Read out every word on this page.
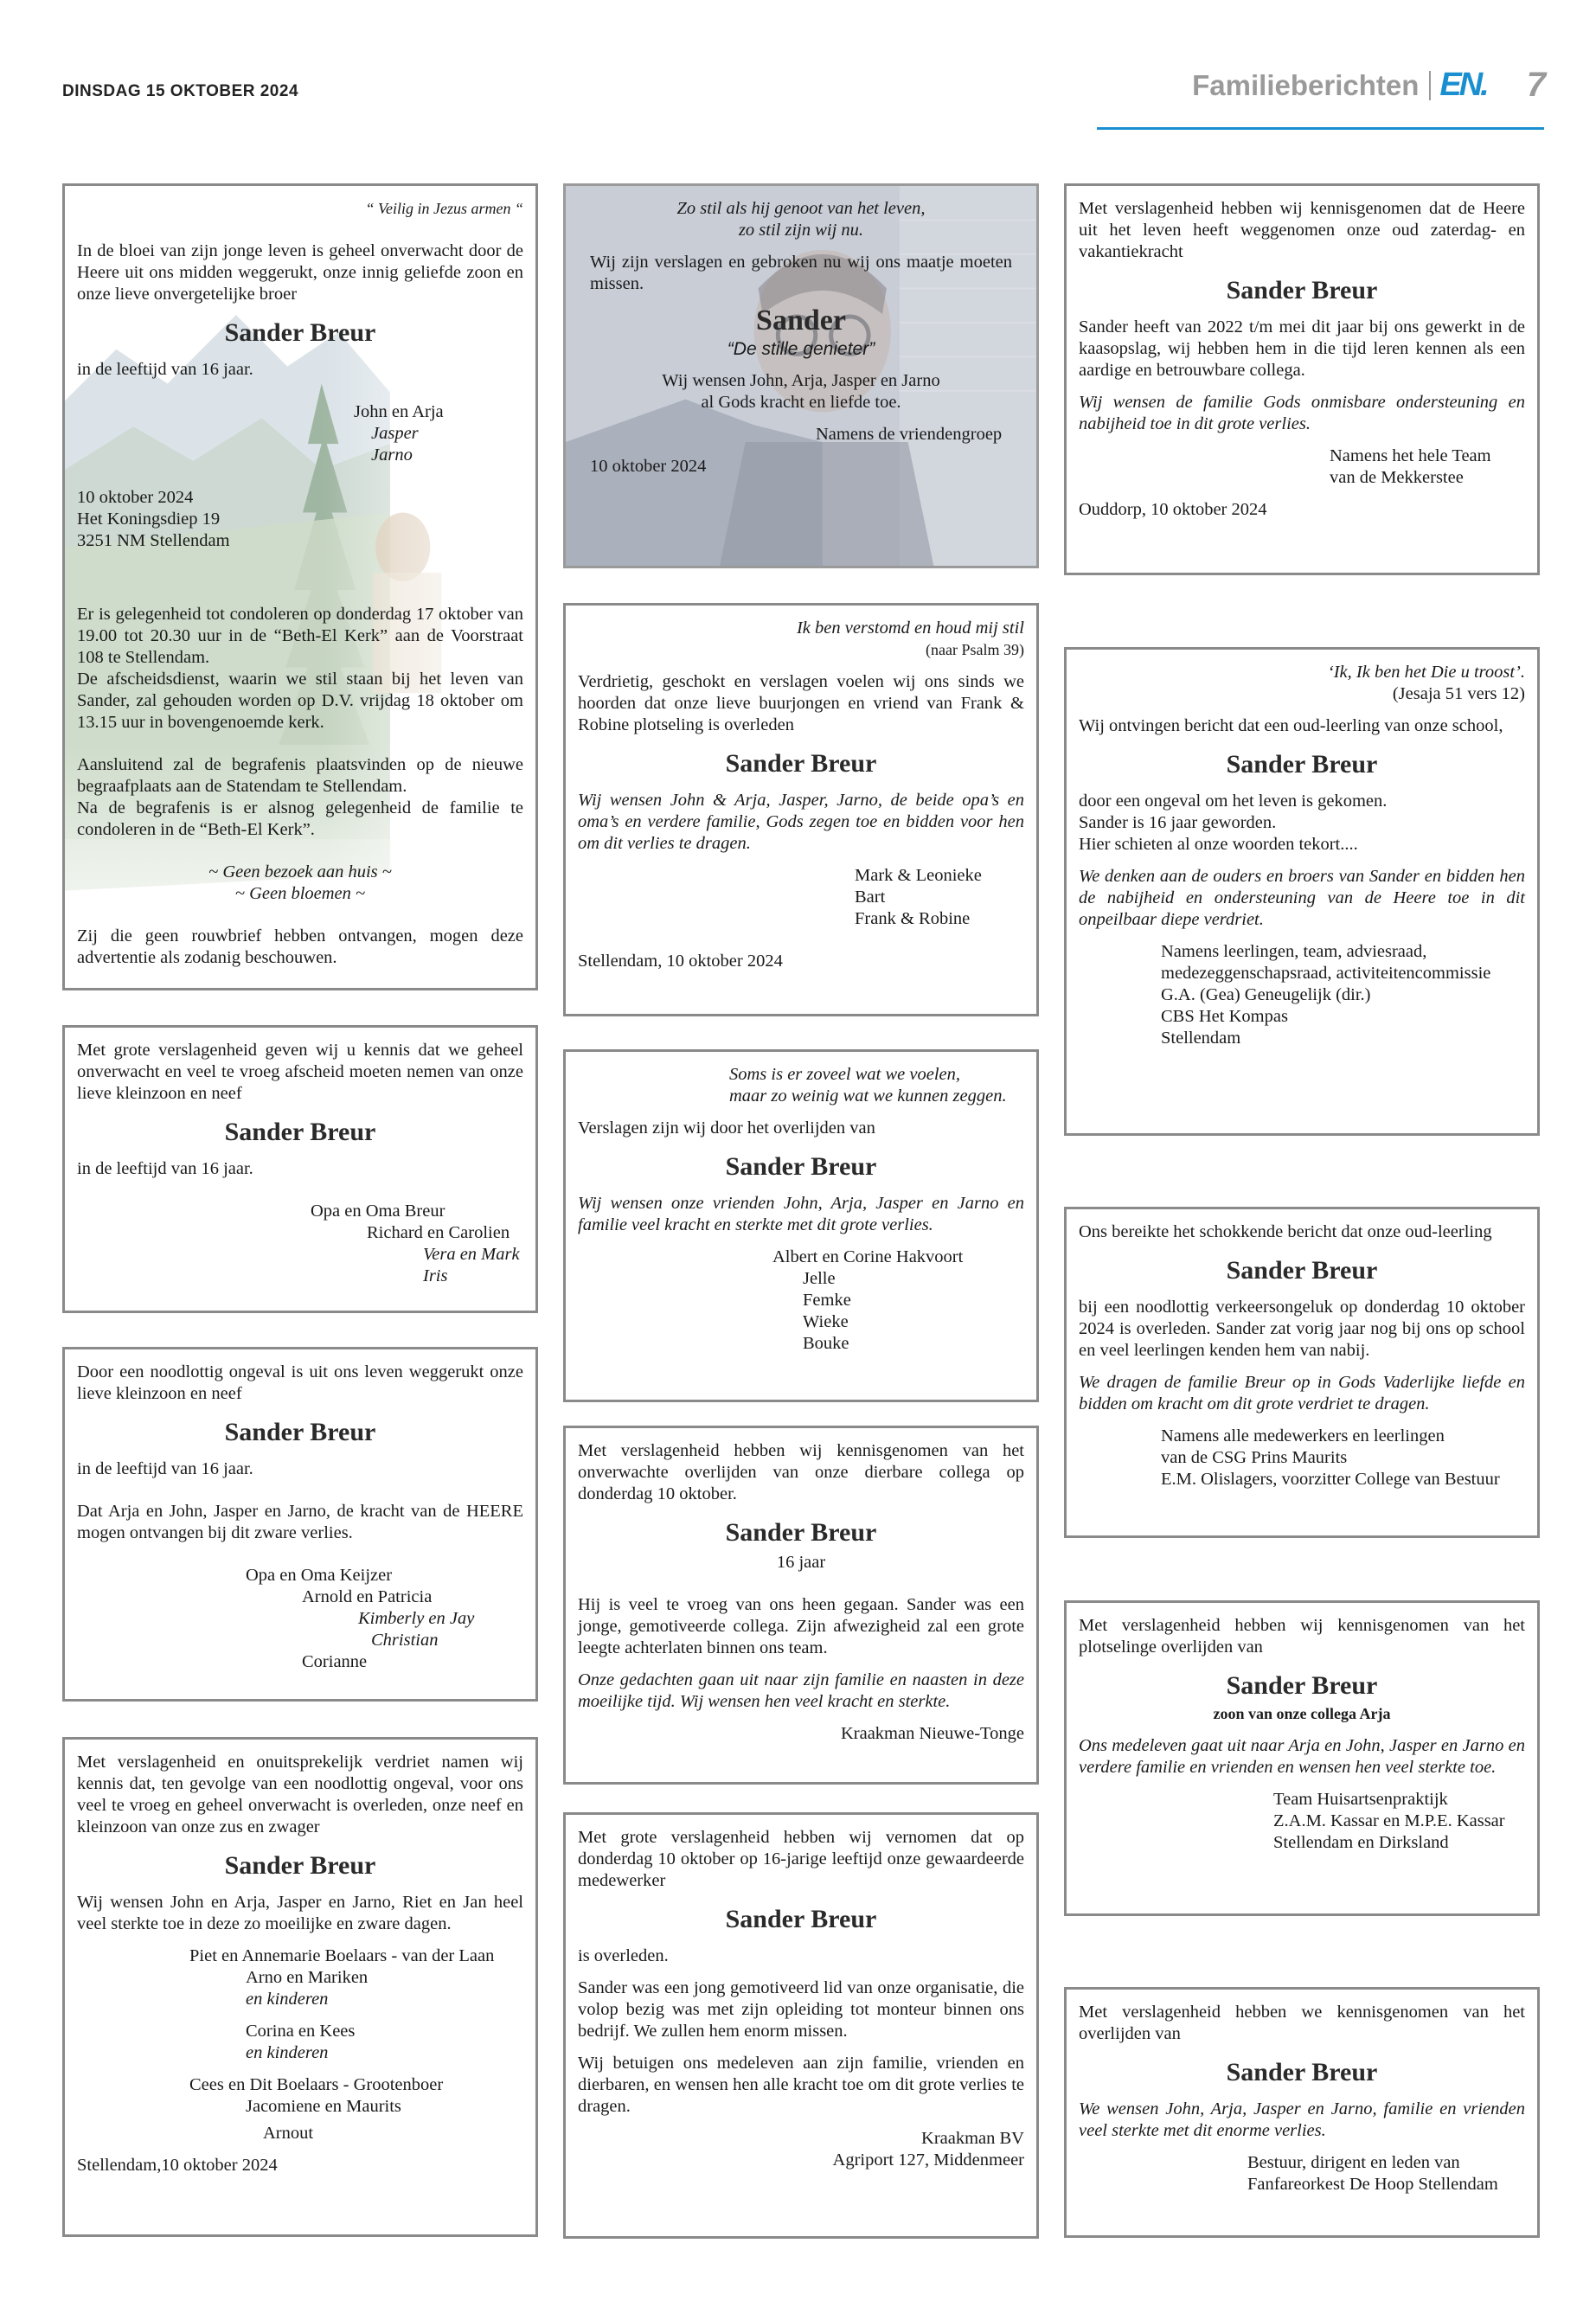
DINSDAG 15 OKTOBER 2024	Familieberichten EN. 7

“ Veilig in Jezus armen “

In de bloei van zijn jonge leven is geheel onverwacht door de Heere uit ons midden weggerukt, onze innig geliefde zoon en onze lieve onvergetelijke broer

Sander Breur

in de leeftijd van 16 jaar.

John en Arja

Jasper

Jarno

10 oktober 2024

Het Koningsdiep 19

3251 NM Stellendam

Er is gelegenheid tot condoleren op donderdag 17 oktober van 19.00 tot 20.30 uur in de “Beth-El Kerk” aan de Voorstraat 108 te Stellendam.

De afscheidsdienst, waarin we stil staan bij het leven van Sander, zal gehouden worden op D.V. vrijdag 18 oktober om 13.15 uur in bovengenoemde kerk.

Aansluitend zal de begrafenis plaatsvinden op de nieuwe begraafplaats aan de Statendam te Stellendam.

Na de begrafenis is er alsnog gelegenheid de familie te condoleren in de “Beth-El Kerk”.

~ Geen bezoek aan huis ~

~ Geen bloemen ~

Zij die geen rouwbrief hebben ontvangen, mogen deze advertentie als zodanig beschouwen.

Met grote verslagenheid geven wij u kennis dat we geheel onverwacht en veel te vroeg afscheid moeten nemen van onze lieve kleinzoon en neef

Sander Breur

in de leeftijd van 16 jaar.

Opa en Oma Breur

Richard en Carolien

Vera en Mark

Iris

Door een noodlottig ongeval is uit ons leven weggerukt onze lieve kleinzoon en neef

Sander Breur

in de leeftijd van 16 jaar.

Dat Arja en John, Jasper en Jarno, de kracht van de HEERE mogen ontvangen bij dit zware verlies.

Opa en Oma Keijzer

Arnold en Patricia

Kimberly en Jay

Christian

Corianne

Met verslagenheid en onuitsprekelijk verdriet namen wij kennis dat, ten gevolge van een noodlottig ongeval, voor ons veel te vroeg en geheel onverwacht is overleden, onze neef en kleinzoon van onze zus en zwager

Sander Breur

Wij wensen John en Arja, Jasper en Jarno, Riet en Jan heel veel sterkte toe in deze zo moeilijke en zware dagen.

Piet en Annemarie Boelaars - van der Laan

Arno en Mariken

en kinderen

Corina en Kees

en kinderen

Cees en Dit Boelaars - Grootenboer

Jacomiene en Maurits

Arnout

Stellendam,10 oktober 2024

Zo stil als hij genoot van het leven,

zo stil zijn wij nu.

Wij zijn verslagen en gebroken nu wij ons maatje moeten missen.

Sander

“De stille genieter”

Wij wensen John, Arja, Jasper en Jarno

al Gods kracht en liefde toe.

Namens de vriendengroep

10 oktober 2024

Ik ben verstomd en houd mij stil

(naar Psalm 39)

Verdrietig, geschokt en verslagen voelen wij ons sinds we hoorden dat onze lieve buurjongen en vriend van Frank & Robine plotseling is overleden

Sander Breur

Wij wensen John & Arja, Jasper, Jarno, de beide opa’s en oma’s en verdere familie, Gods zegen toe en bidden voor hen om dit verlies te dragen.

Mark & Leonieke

Bart

Frank & Robine

Stellendam, 10 oktober 2024

Soms is er zoveel wat we voelen,

maar zo weinig wat we kunnen zeggen.

Verslagen zijn wij door het overlijden van

Sander Breur

Wij wensen onze vrienden John, Arja, Jasper en Jarno en familie veel kracht en sterkte met dit grote verlies.

Albert en Corine Hakvoort

Jelle

Femke

Wieke

Bouke

Met verslagenheid hebben wij kennisgenomen van het onverwachte overlijden van onze dierbare collega op donderdag 10 oktober.

Sander Breur

16 jaar

Hij is veel te vroeg van ons heen gegaan. Sander was een jonge, gemotiveerde collega. Zijn afwezigheid zal een grote leegte achterlaten binnen ons team.

Onze gedachten gaan uit naar zijn familie en naasten in deze moeilijke tijd. Wij wensen hen veel kracht en sterkte.

Kraakman Nieuwe-Tonge

Met grote verslagenheid hebben wij vernomen dat op donderdag 10 oktober op 16-jarige leeftijd onze gewaardeerde medewerker

Sander Breur

is overleden.

Sander was een jong gemotiveerd lid van onze organisatie, die volop bezig was met zijn opleiding tot monteur binnen ons bedrijf. We zullen hem enorm missen.

Wij betuigen ons medeleven aan zijn familie, vrienden en dierbaren, en wensen hen alle kracht toe om dit grote verlies te dragen.

Kraakman BV

Agriport 127, Middenmeer

Met verslagenheid hebben wij kennisgenomen dat de Heere uit het leven heeft weggenomen onze oud zaterdag- en vakantiekracht

Sander Breur

Sander heeft van 2022 t/m mei dit jaar bij ons gewerkt in de kaasopslag, wij hebben hem in die tijd leren kennen als een aardige en betrouwbare collega.

Wij wensen de familie Gods onmisbare ondersteuning en nabijheid toe in dit grote verlies.

Namens het hele Team

van de Mekkerstee

Ouddorp, 10 oktober 2024

‘Ik, Ik ben het Die u troost’.

(Jesaja 51 vers 12)

Wij ontvingen bericht dat een oud-leerling van onze school,

Sander Breur

door een ongeval om het leven is gekomen.

Sander is 16 jaar geworden.

Hier schieten al onze woorden tekort....

We denken aan de ouders en broers van Sander en bidden hen de nabijheid en ondersteuning van de Heere toe in dit onpeilbaar diepe verdriet.

Namens leerlingen, team, adviesraad,

medezeggenschapsraad, activiteitencommissie

G.A. (Gea) Geneugelijk (dir.)

CBS Het Kompas

Stellendam

Ons bereikte het schokkende bericht dat onze oud-leerling

Sander Breur

bij een noodlottig verkeersongeluk op donderdag 10 oktober 2024 is overleden. Sander zat vorig jaar nog bij ons op school en veel leerlingen kenden hem van nabij.

We dragen de familie Breur op in Gods Vaderlijke liefde en bidden om kracht om dit grote verdriet te dragen.

Namens alle medewerkers en leerlingen

van de CSG Prins Maurits

E.M. Olislagers, voorzitter College van Bestuur

Met verslagenheid hebben wij kennisgenomen van het plotselinge overlijden van

Sander Breur

zoon van onze collega Arja

Ons medeleven gaat uit naar Arja en John, Jasper en Jarno en verdere familie en vrienden en wensen hen veel sterkte toe.

Team Huisartsenpraktijk

Z.A.M. Kassar en M.P.E. Kassar

Stellendam en Dirksland

Met verslagenheid hebben we kennisgenomen van het overlijden van

Sander Breur

We wensen John, Arja, Jasper en Jarno, familie en vrienden veel sterkte met dit enorme verlies.

Bestuur, dirigent en leden van

Fanfareorkest De Hoop Stellendam
